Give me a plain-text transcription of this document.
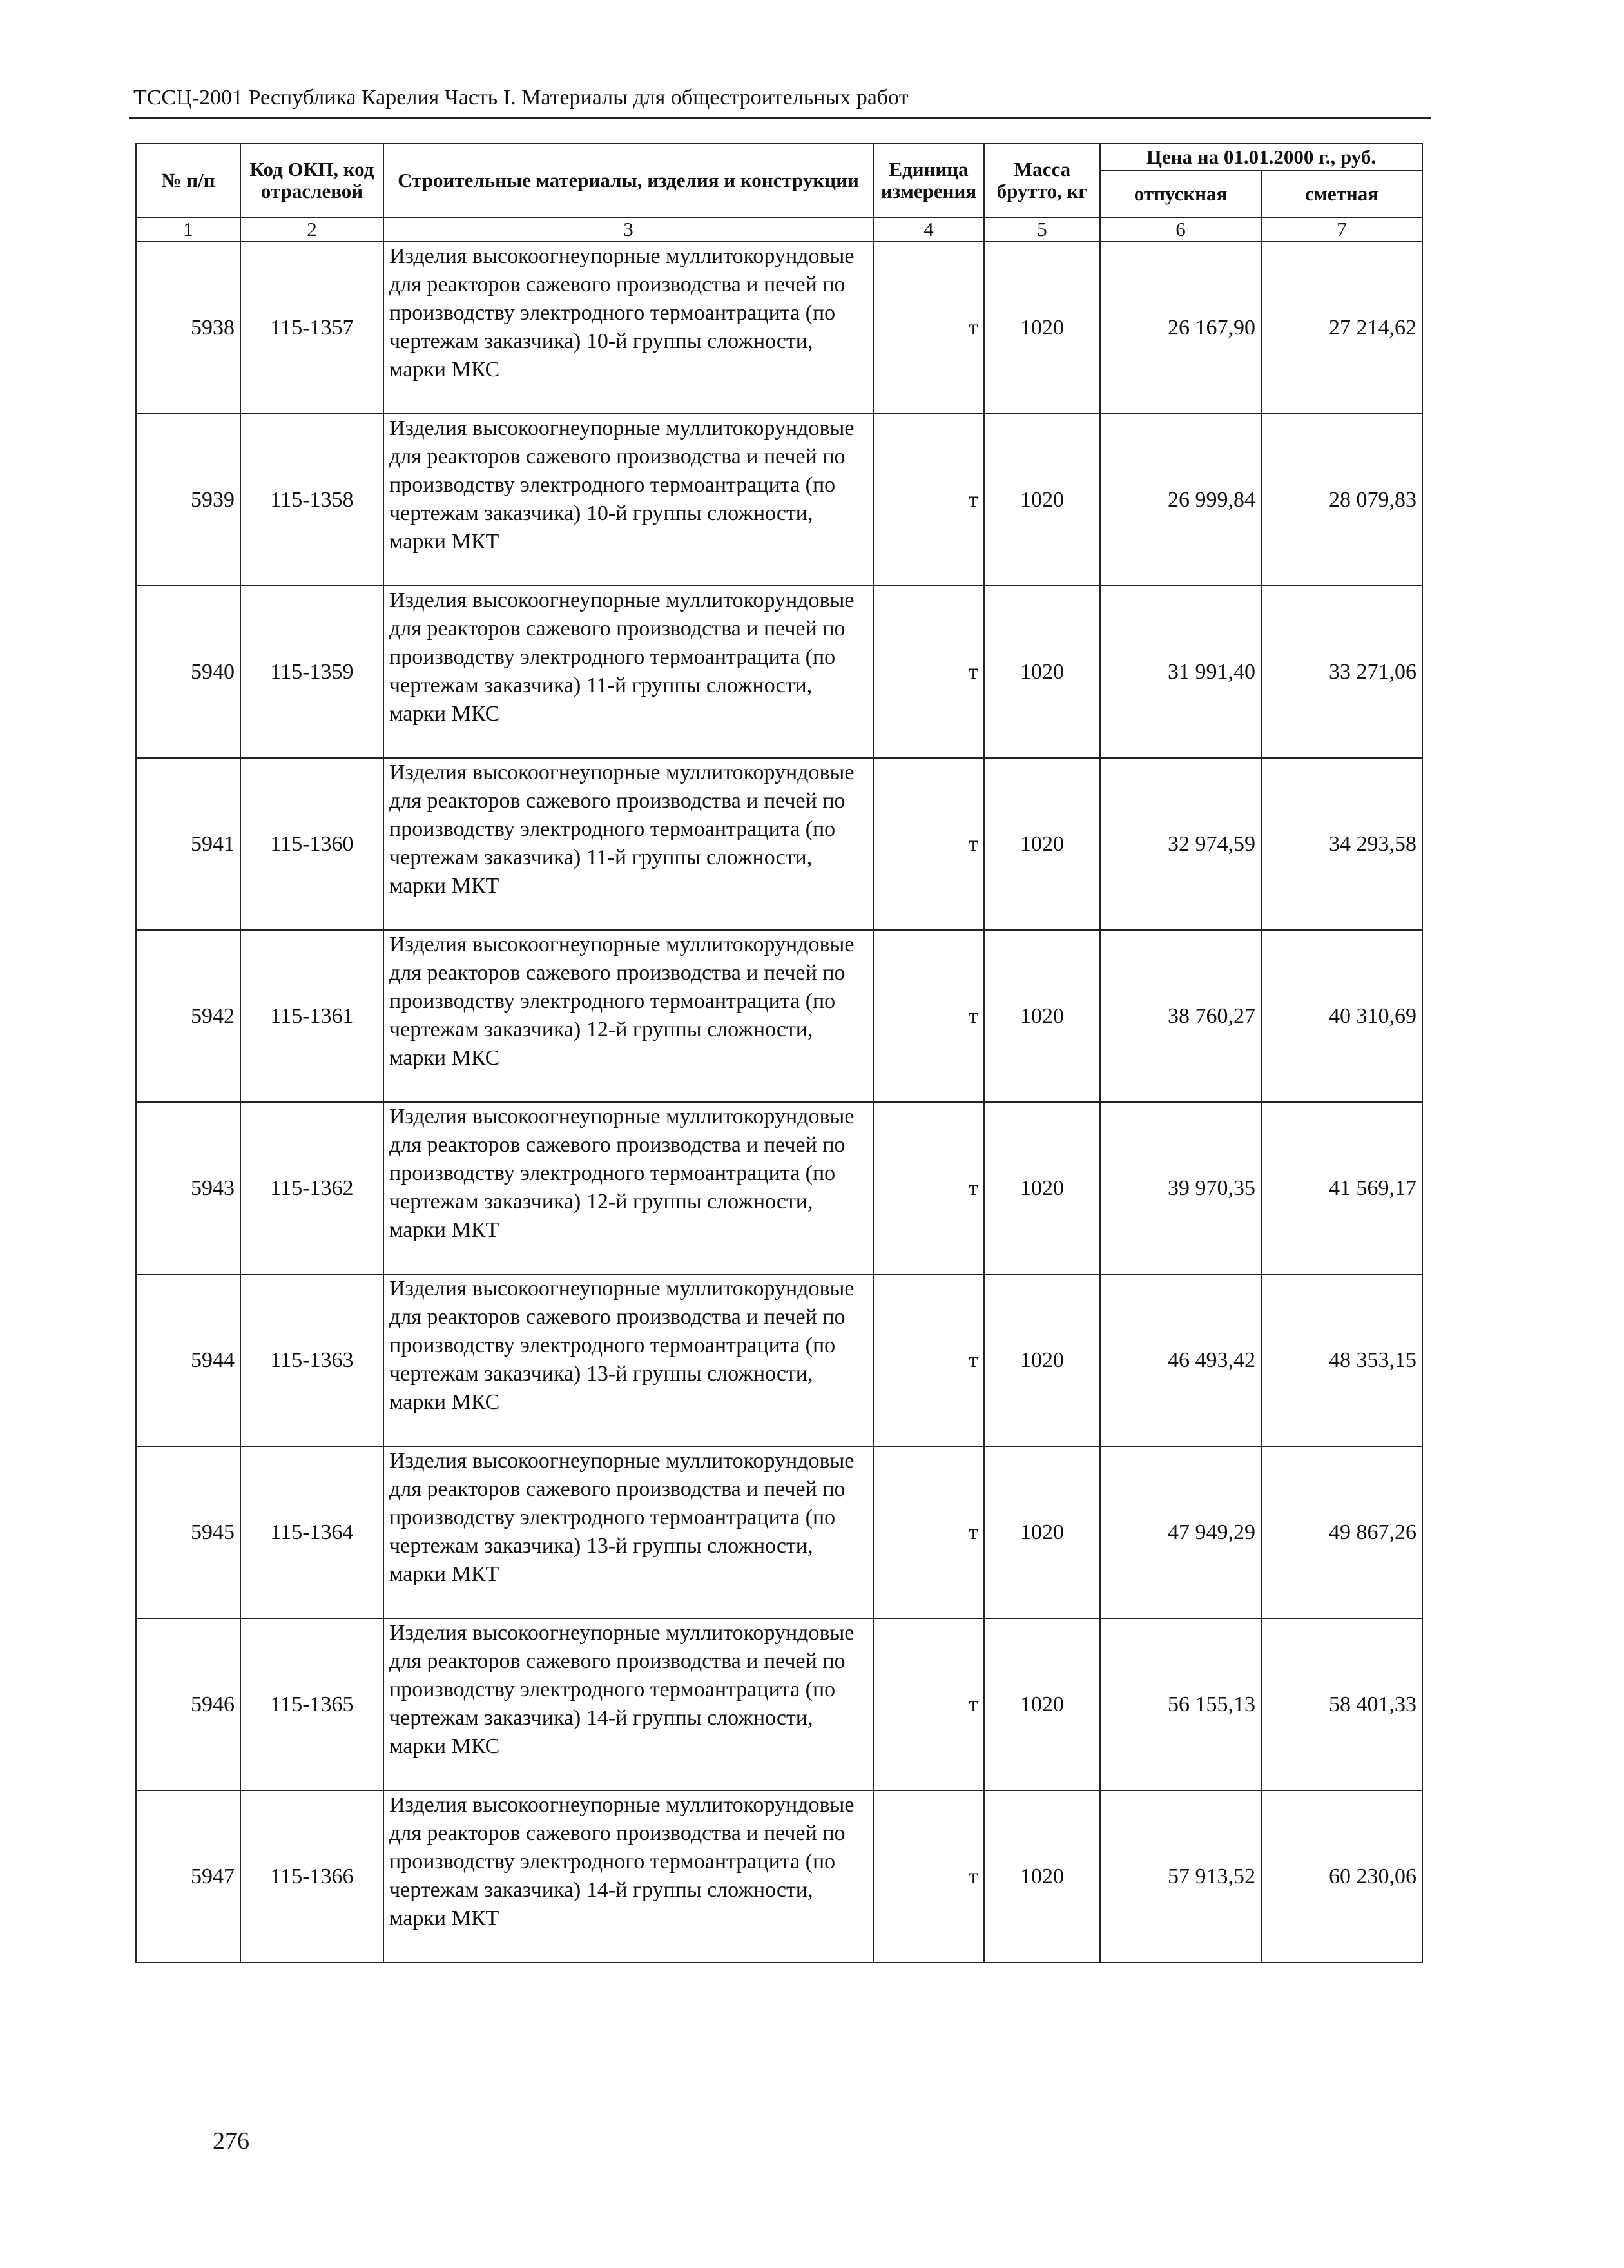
ТССЦ-2001 Республика Карелия Часть I. Материалы для общестроительных работ
№ п/п	Код ОКП, код отраслевой	Строительные материалы, изделия и конструкции	Единица измерения	Масса брутто, кг	Цена на 01.01.2000 г., руб.	
					отпускная	сметная
1	2	3	4	5	6	7
5938	115-1357	Изделия высокоогнеупорные муллитокорундовые для реакторов сажевого производства и печей по производству электродного термоантрацита (по чертежам заказчика) 10-й группы сложности, марки МКС	т	1020	26 167,90	27 214,62
5939	115-1358	Изделия высокоогнеупорные муллитокорундовые для реакторов сажевого производства и печей по производству электродного термоантрацита (по чертежам заказчика) 10-й группы сложности, марки МКТ	т	1020	26 999,84	28 079,83
5940	115-1359	Изделия высокоогнеупорные муллитокорундовые для реакторов сажевого производства и печей по производству электродного термоантрацита (по чертежам заказчика) 11-й группы сложности, марки МКС	т	1020	31 991,40	33 271,06
5941	115-1360	Изделия высокоогнеупорные муллитокорундовые для реакторов сажевого производства и печей по производству электродного термоантрацита (по чертежам заказчика) 11-й группы сложности, марки МКТ	т	1020	32 974,59	34 293,58
5942	115-1361	Изделия высокоогнеупорные муллитокорундовые для реакторов сажевого производства и печей по производству электродного термоантрацита (по чертежам заказчика) 12-й группы сложности, марки МКС	т	1020	38 760,27	40 310,69
5943	115-1362	Изделия высокоогнеупорные муллитокорундовые для реакторов сажевого производства и печей по производству электродного термоантрацита (по чертежам заказчика) 12-й группы сложности, марки МКТ	т	1020	39 970,35	41 569,17
5944	115-1363	Изделия высокоогнеупорные муллитокорундовые для реакторов сажевого производства и печей по производству электродного термоантрацита (по чертежам заказчика) 13-й группы сложности, марки МКС	т	1020	46 493,42	48 353,15
5945	115-1364	Изделия высокоогнеупорные муллитокорундовые для реакторов сажевого производства и печей по производству электродного термоантрацита (по чертежам заказчика) 13-й группы сложности, марки МКТ	т	1020	47 949,29	49 867,26
5946	115-1365	Изделия высокоогнеупорные муллитокорундовые для реакторов сажевого производства и печей по производству электродного термоантрацита (по чертежам заказчика) 14-й группы сложности, марки МКС	т	1020	56 155,13	58 401,33
5947	115-1366	Изделия высокоогнеупорные муллитокорундовые для реакторов сажевого производства и печей по производству электродного термоантрацита (по чертежам заказчика) 14-й группы сложности, марки МКТ	т	1020	57 913,52	60 230,06
276
